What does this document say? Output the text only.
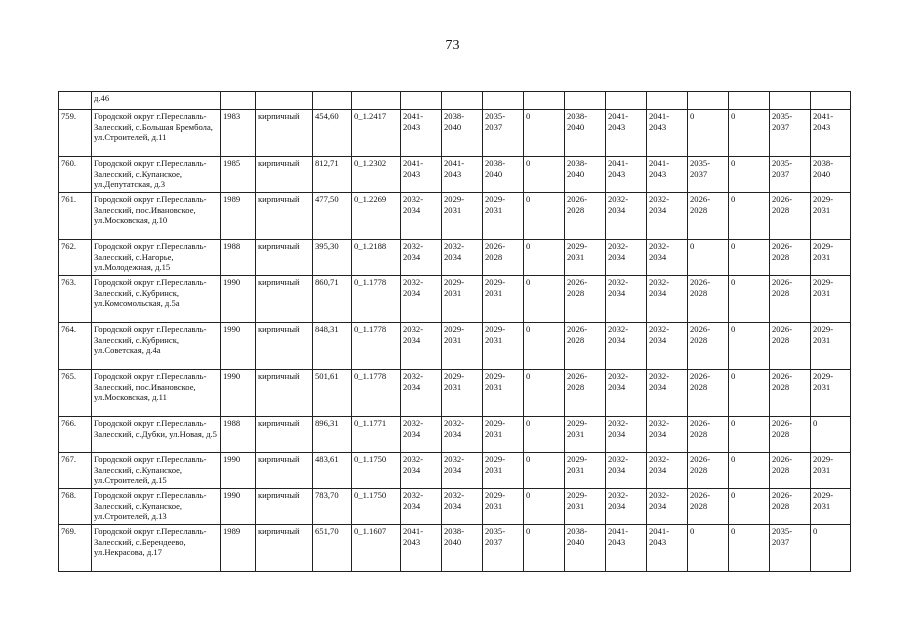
73
	д.46															
759.	Городской округ г.Переславль-Залесский, с.Большая Брембола, ул.Строителей, д.11	1983	кирпичный	454,60	0_1.2417	2041-2043	2038-2040	2035-2037	0	2038-2040	2041-2043	2041-2043	0	0	2035-2037	2041-2043
760.	Городской округ г.Переславль-Залесский, с.Купанское, ул.Депутатская, д.3	1985	кирпичный	812,71	0_1.2302	2041-2043	2041-2043	2038-2040	0	2038-2040	2041-2043	2041-2043	2035-2037	0	2035-2037	2038-2040
761.	Городской округ г.Переславль-Залесский, пос.Ивановское, ул.Московская, д.10	1989	кирпичный	477,50	0_1.2269	2032-2034	2029-2031	2029-2031	0	2026-2028	2032-2034	2032-2034	2026-2028	0	2026-2028	2029-2031
762.	Городской округ г.Переславль-Залесский, с.Нагорье, ул.Молодежная, д.15	1988	кирпичный	395,30	0_1.2188	2032-2034	2032-2034	2026-2028	0	2029-2031	2032-2034	2032-2034	0	0	2026-2028	2029-2031
763.	Городской округ г.Переславль-Залесский, с.Кубринск, ул.Комсомольская, д.5а	1990	кирпичный	860,71	0_1.1778	2032-2034	2029-2031	2029-2031	0	2026-2028	2032-2034	2032-2034	2026-2028	0	2026-2028	2029-2031
764.	Городской округ г.Переславль-Залесский, с.Кубринск, ул.Советская, д.4а	1990	кирпичный	848,31	0_1.1778	2032-2034	2029-2031	2029-2031	0	2026-2028	2032-2034	2032-2034	2026-2028	0	2026-2028	2029-2031
765.	Городской округ г.Переславль-Залесский, пос.Ивановское, ул.Московская, д.11	1990	кирпичный	501,61	0_1.1778	2032-2034	2029-2031	2029-2031	0	2026-2028	2032-2034	2032-2034	2026-2028	0	2026-2028	2029-2031
766.	Городской округ г.Переславль-Залесский, с.Дубки, ул.Новая, д.5	1988	кирпичный	896,31	0_1.1771	2032-2034	2032-2034	2029-2031	0	2029-2031	2032-2034	2032-2034	2026-2028	0	2026-2028	0
767.	Городской округ г.Переславль-Залесский, с.Купанское, ул.Строителей, д.15	1990	кирпичный	483,61	0_1.1750	2032-2034	2032-2034	2029-2031	0	2029-2031	2032-2034	2032-2034	2026-2028	0	2026-2028	2029-2031
768.	Городской округ г.Переславль-Залесский, с.Купанское, ул.Строителей, д.13	1990	кирпичный	783,70	0_1.1750	2032-2034	2032-2034	2029-2031	0	2029-2031	2032-2034	2032-2034	2026-2028	0	2026-2028	2029-2031
769.	Городской округ г.Переславль-Залесский, с.Берендеево, ул.Некрасова, д.17	1989	кирпичный	651,70	0_1.1607	2041-2043	2038-2040	2035-2037	0	2038-2040	2041-2043	2041-2043	0	0	2035-2037	0
